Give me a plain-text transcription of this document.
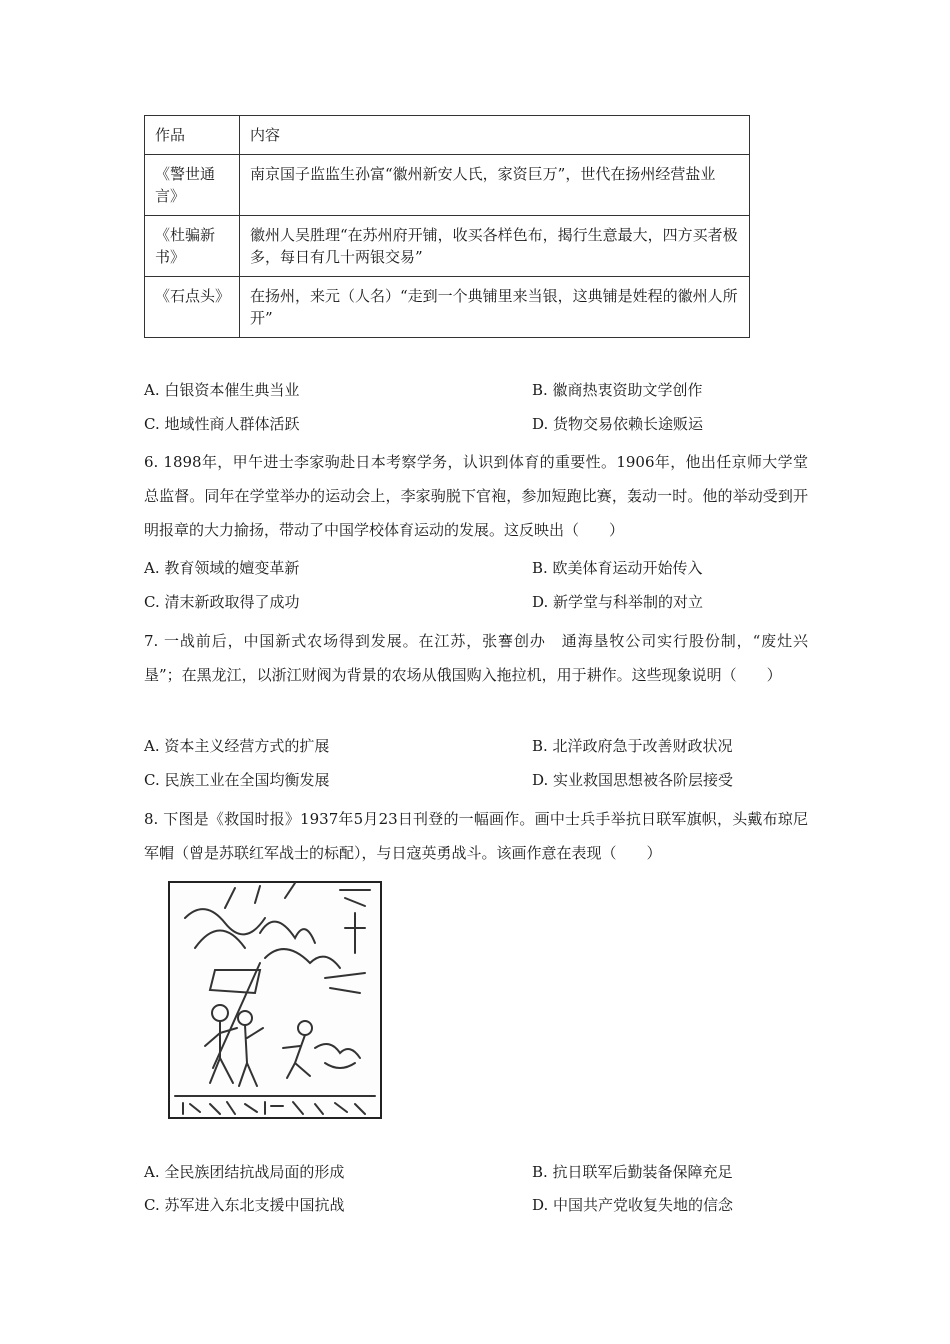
作品	内容
《警世通言》	南京国子监监生孙富“徽州新安人氏，家资巨万”，世代在扬州经营盐业
《杜骗新书》	徽州人吴胜理“在苏州府开铺，收买各样色布，揭行生意最大，四方买者极多，每日有几十两银交易”
《石点头》	在扬州，来元（人名）“走到一个典铺里来当银，这典铺是姓程的徽州人所开”
A. 白银资本催生典当业	B. 徽商热衷资助文学创作
C. 地域性商人群体活跃	D. 货物交易依赖长途贩运
6. 1898年，甲午进士李家驹赴日本考察学务，认识到体育的重要性。1906年，他出任京师大学堂总监督。同年在学堂举办的运动会上，李家驹脱下官袍，参加短跑比赛，轰动一时。他的举动受到开明报章的大力揄扬，带动了中国学校体育运动的发展。这反映出（　　）
A. 教育领域的嬗变革新	B. 欧美体育运动开始传入
C. 清末新政取得了成功	D. 新学堂与科举制的对立
7. 一战前后，中国新式农场得到发展。在江苏，张謇创办　通海垦牧公司实行股份制，“废灶兴垦”；在黑龙江，以浙江财阀为背景的农场从俄国购入拖拉机，用于耕作。这些现象说明（　　）
A. 资本主义经营方式的扩展	B. 北洋政府急于改善财政状况
C. 民族工业在全国均衡发展	D. 实业救国思想被各阶层接受
8. 下图是《救国时报》1937年5月23日刊登的一幅画作。画中士兵手举抗日联军旗帜，头戴布琼尼军帽（曾是苏联红军战士的标配），与日寇英勇战斗。该画作意在表现（　　）
A. 全民族团结抗战局面的形成	B. 抗日联军后勤装备保障充足
C. 苏军进入东北支援中国抗战	D. 中国共产党收复失地的信念
